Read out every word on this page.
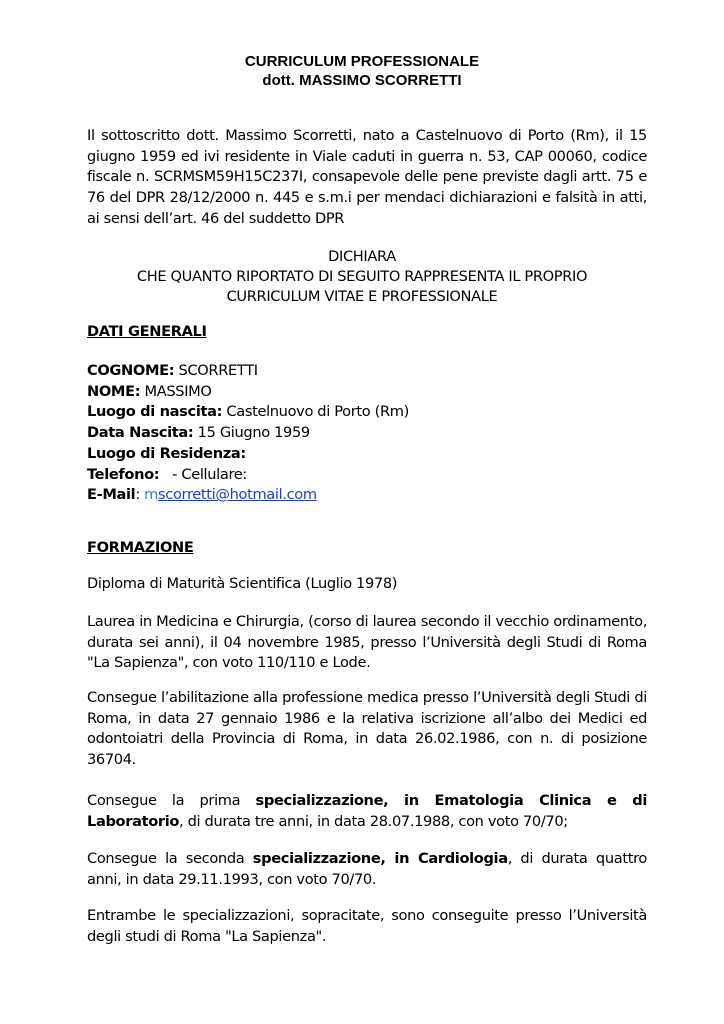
CURRICULUM PROFESSIONALE
dott. MASSIMO SCORRETTI
Il sottoscritto dott. Massimo Scorretti, nato a Castelnuovo di Porto (Rm), il 15 giugno 1959 ed ivi residente in Viale caduti in guerra n. 53, CAP 00060, codice fiscale n. SCRMSM59H15C237I, consapevole delle pene previste dagli artt. 75 e 76 del DPR 28/12/2000 n. 445 e s.m.i per mendaci dichiarazioni e falsità in atti, ai sensi dell’art. 46 del suddetto DPR
DICHIARA
CHE QUANTO RIPORTATO DI SEGUITO RAPPRESENTA IL PROPRIO
CURRICULUM VITAE E PROFESSIONALE
DATI GENERALI
COGNOME: SCORRETTI
NOME: MASSIMO
Luogo di nascita: Castelnuovo di Porto (Rm)
Data Nascita: 15 Giugno 1959
Luogo di Residenza:
Telefono:   - Cellulare:
E-Mail: mscorretti@hotmail.com
FORMAZIONE
Diploma di Maturità Scientifica (Luglio 1978)
Laurea in Medicina e Chirurgia, (corso di laurea secondo il vecchio ordinamento, durata sei anni), il 04 novembre 1985, presso l’Università degli Studi di Roma "La Sapienza", con voto 110/110 e Lode.
Consegue l’abilitazione alla professione medica presso l’Università degli Studi di Roma, in data 27 gennaio 1986 e la relativa iscrizione all’albo dei Medici ed odontoiatri della Provincia di Roma, in data 26.02.1986, con n. di posizione 36704.
Consegue la prima specializzazione, in Ematologia Clinica e di Laboratorio, di durata tre anni, in data 28.07.1988, con voto 70/70;
Consegue la seconda specializzazione, in Cardiologia, di durata quattro anni, in data 29.11.1993, con voto 70/70.
Entrambe le specializzazioni, sopracitate, sono conseguite presso l’Università degli studi di Roma "La Sapienza".
